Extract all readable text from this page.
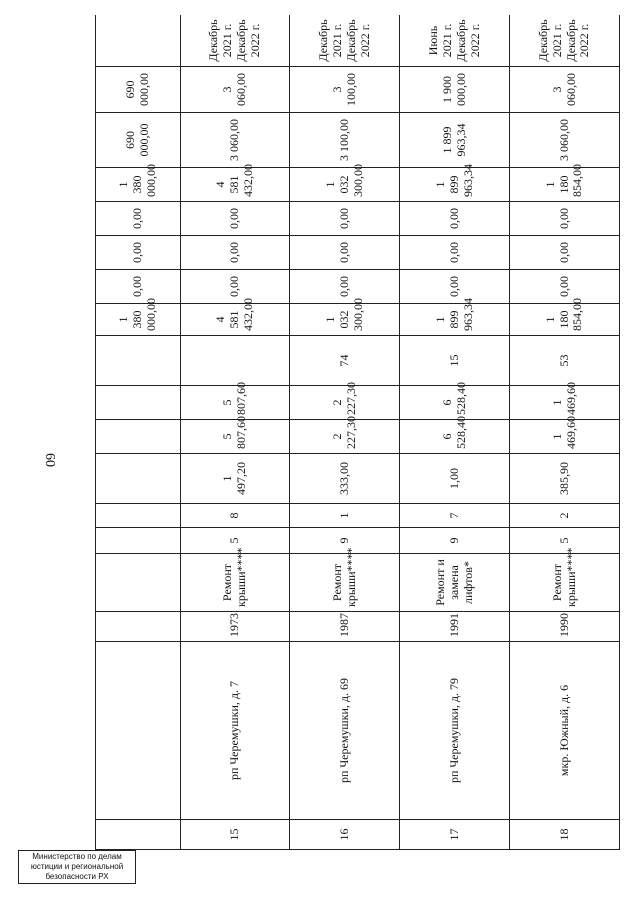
60
										1 380 000,00	0,00	0,00	0,00	1 380 000,00	690 000,00	690 000,00	
15	рп Черемушки, д. 7	1973	Ремонт крыши****	5	8	1 497,20	5 807,60	5 807,60		4 581 432,00	0,00	0,00	0,00	4 581 432,00	3 060,00	3 060,00	Декабрь 2021 г.
Декабрь 2022 г.
16	рп Черемушки, д. 69	1987	Ремонт крыши****	9	1	333,00	2 227,30	2 227,30	74	1 032 300,00	0,00	0,00	0,00	1 032 300,00	3 100,00	3 100,00	Декабрь 2021 г.
Декабрь 2022 г.
17	рп Черемушки, д. 79	1991	Ремонт и замена лифтов*	9	7	1,00	6 528,40	6 528,40	15	1 899 963,34	0,00	0,00	0,00	1 899 963,34	1 899 963,34	1 900 000,00	Июнь 2021 г.
Декабрь 2022 г.
18	мкр. Южный, д. 6	1990	Ремонт крыши****	5	2	385,90	1 469,60	1 469,60	53	1 180 854,00	0,00	0,00	0,00	1 180 854,00	3 060,00	3 060,00	Декабрь 2021 г.
Декабрь 2022 г.
Министерство по делам
юстиции и региональной
безопасности РХ
